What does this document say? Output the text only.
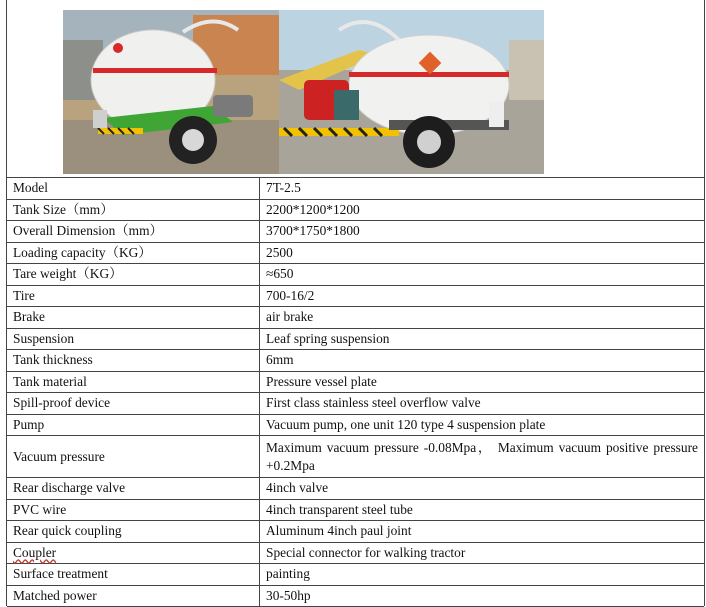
Model	7T-2.5
Tank Size（mm）	2200*1200*1200
Overall Dimension（mm）	3700*1750*1800
Loading capacity（KG）	2500
Tare weight（KG）	≈650
Tire	700-16/2
Brake	air brake
Suspension	Leaf spring suspension
Tank thickness	6mm
Tank material	Pressure vessel plate
Spill-proof device	First class stainless steel overflow valve
Pump	Vacuum pump, one unit 120 type 4 suspension plate
Vacuum pressure	Maximum vacuum pressure -0.08Mpa， Maximum vacuum positive pressure +0.2Mpa
Rear discharge valve	4inch valve
PVC wire	4inch transparent steel tube
Rear quick coupling	Aluminum 4inch paul joint
Coupler	Special connector for walking tractor
Surface treatment	painting
Matched power	30-50hp
